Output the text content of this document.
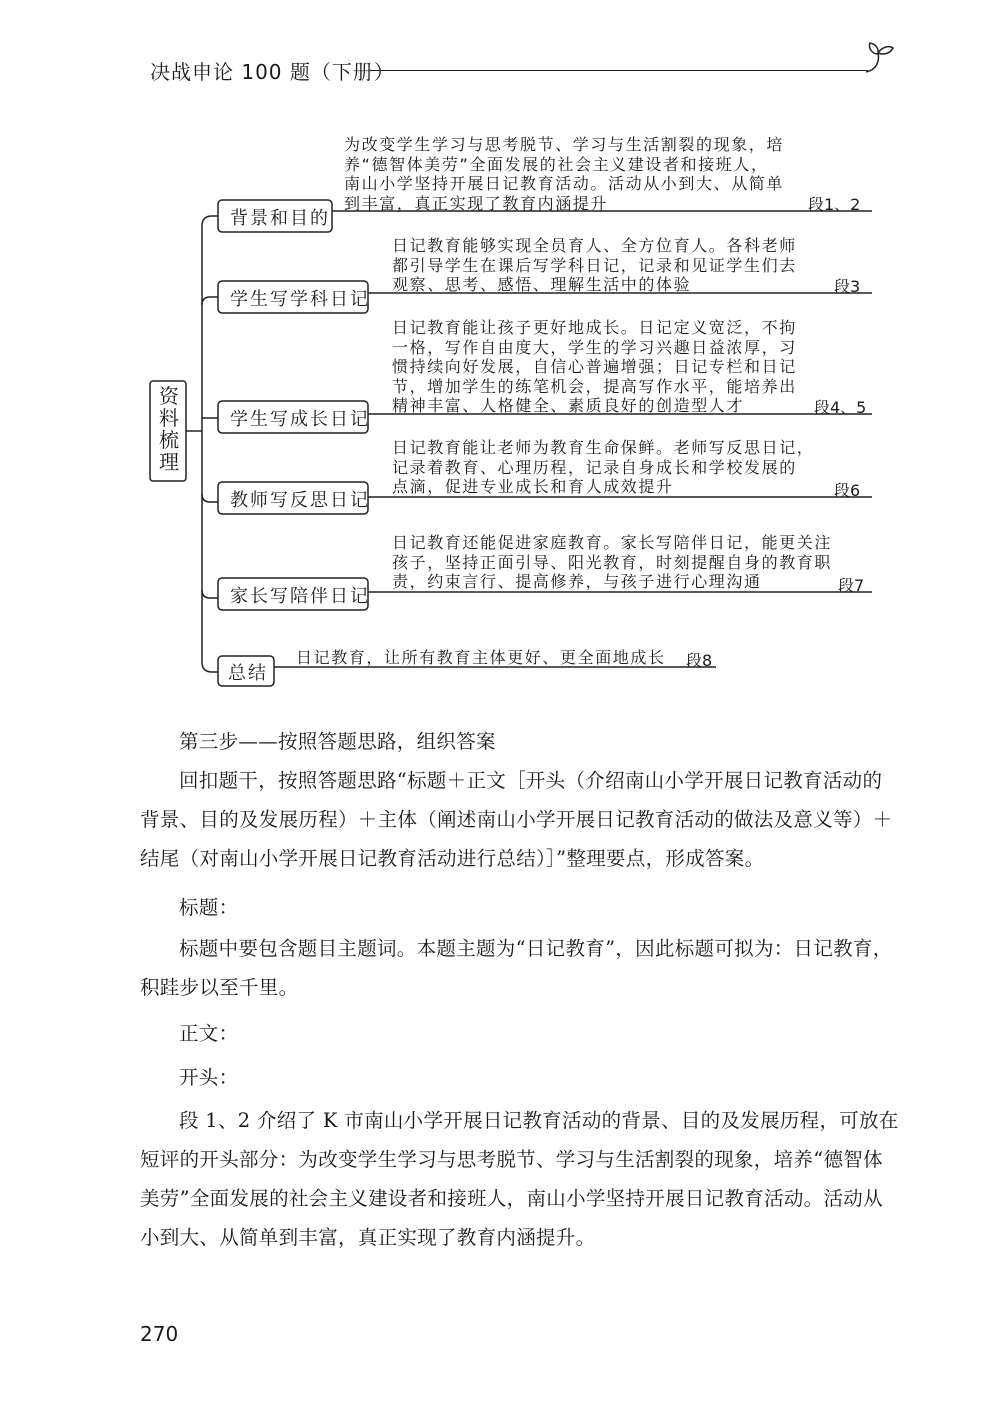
决战申论 100 题（下册）
资料梳理
背景和目的
为改变学生学习与思考脱节、学习与生活割裂的现象，培
养“德智体美劳”全面发展的社会主义建设者和接班人，
南山小学坚持开展日记教育活动。活动从小到大、从简单
到丰富，真正实现了教育内涵提升	段1、2
学生写学科日记
日记教育能够实现全员育人、全方位育人。各科老师
都引导学生在课后写学科日记，记录和见证学生们去
观察、思考、感悟、理解生活中的体验	段3
学生写成长日记
日记教育能让孩子更好地成长。日记定义宽泛，不拘
一格，写作自由度大，学生的学习兴趣日益浓厚，习
惯持续向好发展，自信心普遍增强；日记专栏和日记
节，增加学生的练笔机会，提高写作水平，能培养出
精神丰富、人格健全、素质良好的创造型人才	段4、5
教师写反思日记
日记教育能让老师为教育生命保鲜。老师写反思日记，
记录着教育、心理历程，记录自身成长和学校发展的
点滴，促进专业成长和育人成效提升	段6
家长写陪伴日记
日记教育还能促进家庭教育。家长写陪伴日记，能更关注
孩子，坚持正面引导、阳光教育，时刻提醒自身的教育职
责，约束言行、提高修养，与孩子进行心理沟通	段7
总结
日记教育，让所有教育主体更好、更全面地成长 段8

第三步——按照答题思路，组织答案

回扣题干，按照答题思路“标题＋正文［开头（介绍南山小学开展日记教育活动的背景、目的及发展历程）＋主体（阐述南山小学开展日记教育活动的做法及意义等）＋结尾（对南山小学开展日记教育活动进行总结）］”整理要点，形成答案。

标题：

标题中要包含题目主题词。本题主题为“日记教育”，因此标题可拟为：日记教育，积跬步以至千里。

正文：

开头：

段 1、2 介绍了 K 市南山小学开展日记教育活动的背景、目的及发展历程，可放在短评的开头部分：为改变学生学习与思考脱节、学习与生活割裂的现象，培养“德智体美劳”全面发展的社会主义建设者和接班人，南山小学坚持开展日记教育活动。活动从小到大、从简单到丰富，真正实现了教育内涵提升。

270
